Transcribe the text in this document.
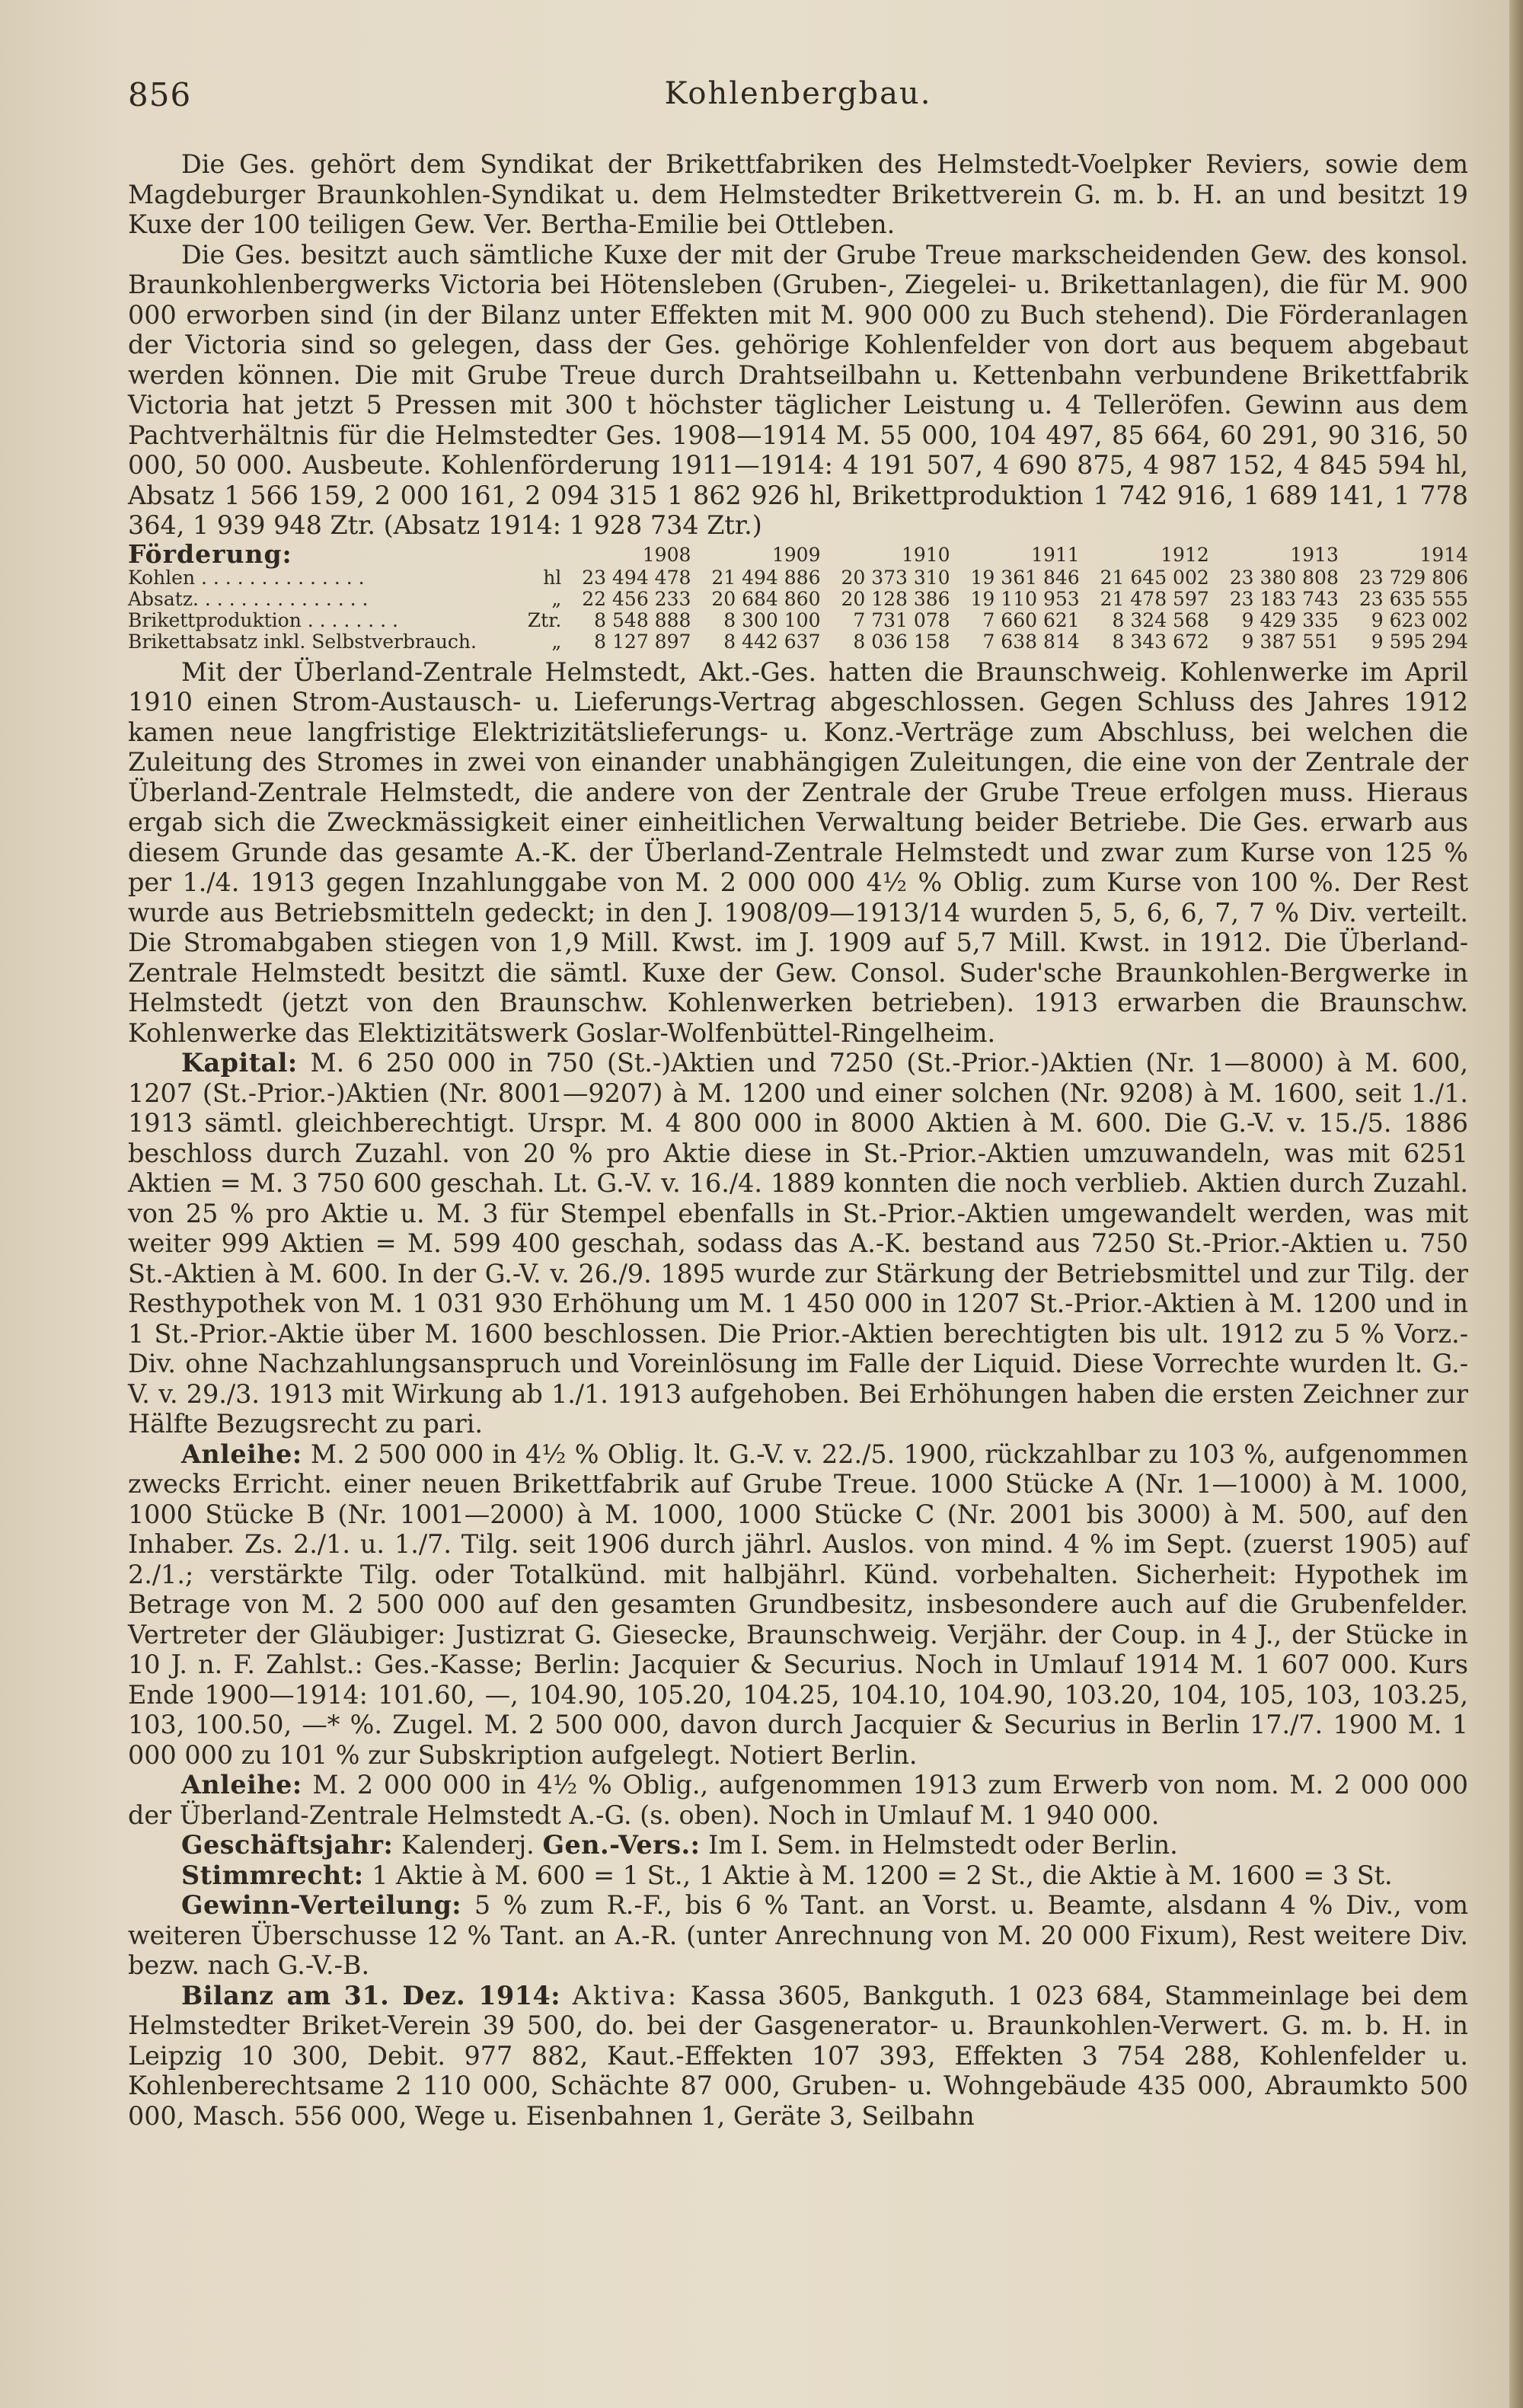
856	Kohlenbergbau.

Die Ges. gehört dem Syndikat der Brikettfabriken des Helmstedt-Voelpker Reviers, sowie dem Magdeburger Braunkohlen-Syndikat u. dem Helmstedter Brikettverein G. m. b. H. an und besitzt 19 Kuxe der 100 teiligen Gew. Ver. Bertha-Emilie bei Ottleben.

Die Ges. besitzt auch sämtliche Kuxe der mit der Grube Treue markscheidenden Gew. des konsol. Braunkohlenbergwerks Victoria bei Hötensleben (Gruben-, Ziegelei- u. Brikettanlagen), die für M. 900 000 erworben sind (in der Bilanz unter Effekten mit M. 900 000 zu Buch stehend). Die Förderanlagen der Victoria sind so gelegen, dass der Ges. gehörige Kohlenfelder von dort aus bequem abgebaut werden können. Die mit Grube Treue durch Drahtseilbahn u. Kettenbahn verbundene Brikettfabrik Victoria hat jetzt 5 Pressen mit 300 t höchster täglicher Leistung u. 4 Telleröfen. Gewinn aus dem Pachtverhältnis für die Helmstedter Ges. 1908—1914 M. 55 000, 104 497, 85 664, 60 291, 90 316, 50 000, 50 000. Ausbeute. Kohlenförderung 1911—1914: 4 191 507, 4 690 875, 4 987 152, 4 845 594 hl, Absatz 1 566 159, 2 000 161, 2 094 315 1 862 926 hl, Brikettproduktion 1 742 916, 1 689 141, 1 778 364, 1 939 948 Ztr. (Absatz 1914: 1 928 734 Ztr.)

Förderung:		1908	1909	1910	1911	1912	1913	1914
Kohlen . . . . . . . . . . . . . .	hl	23 494 478	21 494 886	20 373 310	19 361 846	21 645 002	23 380 808	23 729 806
Absatz. . . . . . . . . . . . . . .	„	22 456 233	20 684 860	20 128 386	19 110 953	21 478 597	23 183 743	23 635 555
Brikettproduktion . . . . . . . .	Ztr.	8 548 888	8 300 100	7 731 078	7 660 621	8 324 568	9 429 335	9 623 002
Brikettabsatz inkl. Selbstverbrauch.	„	8 127 897	8 442 637	8 036 158	7 638 814	8 343 672	9 387 551	9 595 294

Mit der Überland-Zentrale Helmstedt, Akt.-Ges. hatten die Braunschweig. Kohlenwerke im April 1910 einen Strom-Austausch- u. Lieferungs-Vertrag abgeschlossen. Gegen Schluss des Jahres 1912 kamen neue langfristige Elektrizitätslieferungs- u. Konz.-Verträge zum Abschluss, bei welchen die Zuleitung des Stromes in zwei von einander unabhängigen Zuleitungen, die eine von der Zentrale der Überland-Zentrale Helmstedt, die andere von der Zentrale der Grube Treue erfolgen muss. Hieraus ergab sich die Zweckmässigkeit einer einheitlichen Verwaltung beider Betriebe. Die Ges. erwarb aus diesem Grunde das gesamte A.-K. der Überland-Zentrale Helmstedt und zwar zum Kurse von 125 % per 1./4. 1913 gegen Inzahlunggabe von M. 2 000 000 4½ % Oblig. zum Kurse von 100 %. Der Rest wurde aus Betriebsmitteln gedeckt; in den J. 1908/09—1913/14 wurden 5, 5, 6, 6, 7, 7 % Div. verteilt. Die Stromabgaben stiegen von 1,9 Mill. Kwst. im J. 1909 auf 5,7 Mill. Kwst. in 1912. Die Überland-Zentrale Helmstedt besitzt die sämtl. Kuxe der Gew. Consol. Suder'sche Braunkohlen-Bergwerke in Helmstedt (jetzt von den Braunschw. Kohlenwerken betrieben). 1913 erwarben die Braunschw. Kohlenwerke das Elektizitätswerk Goslar-Wolfenbüttel-Ringelheim.

Kapital: M. 6 250 000 in 750 (St.-)Aktien und 7250 (St.-Prior.-)Aktien (Nr. 1—8000) à M. 600, 1207 (St.-Prior.-)Aktien (Nr. 8001—9207) à M. 1200 und einer solchen (Nr. 9208) à M. 1600, seit 1./1. 1913 sämtl. gleichberechtigt. Urspr. M. 4 800 000 in 8000 Aktien à M. 600. Die G.-V. v. 15./5. 1886 beschloss durch Zuzahl. von 20 % pro Aktie diese in St.-Prior.-Aktien umzuwandeln, was mit 6251 Aktien = M. 3 750 600 geschah. Lt. G.-V. v. 16./4. 1889 konnten die noch verblieb. Aktien durch Zuzahl. von 25 % pro Aktie u. M. 3 für Stempel ebenfalls in St.-Prior.-Aktien umgewandelt werden, was mit weiter 999 Aktien = M. 599 400 geschah, sodass das A.-K. bestand aus 7250 St.-Prior.-Aktien u. 750 St.-Aktien à M. 600. In der G.-V. v. 26./9. 1895 wurde zur Stärkung der Betriebsmittel und zur Tilg. der Resthypothek von M. 1 031 930 Erhöhung um M. 1 450 000 in 1207 St.-Prior.-Aktien à M. 1200 und in 1 St.-Prior.-Aktie über M. 1600 beschlossen. Die Prior.-Aktien berechtigten bis ult. 1912 zu 5 % Vorz.-Div. ohne Nachzahlungsanspruch und Voreinlösung im Falle der Liquid. Diese Vorrechte wurden lt. G.-V. v. 29./3. 1913 mit Wirkung ab 1./1. 1913 aufgehoben. Bei Erhöhungen haben die ersten Zeichner zur Hälfte Bezugsrecht zu pari.

Anleihe: M. 2 500 000 in 4½ % Oblig. lt. G.-V. v. 22./5. 1900, rückzahlbar zu 103 %, aufgenommen zwecks Erricht. einer neuen Brikettfabrik auf Grube Treue. 1000 Stücke A (Nr. 1—1000) à M. 1000, 1000 Stücke B (Nr. 1001—2000) à M. 1000, 1000 Stücke C (Nr. 2001 bis 3000) à M. 500, auf den Inhaber. Zs. 2./1. u. 1./7. Tilg. seit 1906 durch jährl. Auslos. von mind. 4 % im Sept. (zuerst 1905) auf 2./1.; verstärkte Tilg. oder Totalkünd. mit halbjährl. Künd. vorbehalten. Sicherheit: Hypothek im Betrage von M. 2 500 000 auf den gesamten Grundbesitz, insbesondere auch auf die Grubenfelder. Vertreter der Gläubiger: Justizrat G. Giesecke, Braunschweig. Verjähr. der Coup. in 4 J., der Stücke in 10 J. n. F. Zahlst.: Ges.-Kasse; Berlin: Jacquier & Securius. Noch in Umlauf 1914 M. 1 607 000. Kurs Ende 1900—1914: 101.60, —, 104.90, 105.20, 104.25, 104.10, 104.90, 103.20, 104, 105, 103, 103.25, 103, 100.50, —* %. Zugel. M. 2 500 000, davon durch Jacquier & Securius in Berlin 17./7. 1900 M. 1 000 000 zu 101 % zur Subskription aufgelegt. Notiert Berlin.

Anleihe: M. 2 000 000 in 4½ % Oblig., aufgenommen 1913 zum Erwerb von nom. M. 2 000 000 der Überland-Zentrale Helmstedt A.-G. (s. oben). Noch in Umlauf M. 1 940 000.

Geschäftsjahr: Kalenderj. Gen.-Vers.: Im I. Sem. in Helmstedt oder Berlin.

Stimmrecht: 1 Aktie à M. 600 = 1 St., 1 Aktie à M. 1200 = 2 St., die Aktie à M. 1600 = 3 St.

Gewinn-Verteilung: 5 % zum R.-F., bis 6 % Tant. an Vorst. u. Beamte, alsdann 4 % Div., vom weiteren Überschusse 12 % Tant. an A.-R. (unter Anrechnung von M. 20 000 Fixum), Rest weitere Div. bezw. nach G.-V.-B.

Bilanz am 31. Dez. 1914: Aktiva: Kassa 3605, Bankguth. 1 023 684, Stammeinlage bei dem Helmstedter Briket-Verein 39 500, do. bei der Gasgenerator- u. Braunkohlen-Verwert. G. m. b. H. in Leipzig 10 300, Debit. 977 882, Kaut.-Effekten 107 393, Effekten 3 754 288, Kohlenfelder u. Kohlenberechtsame 2 110 000, Schächte 87 000, Gruben- u. Wohngebäude 435 000, Abraumkto 500 000, Masch. 556 000, Wege u. Eisenbahnen 1, Geräte 3, Seilbahn
